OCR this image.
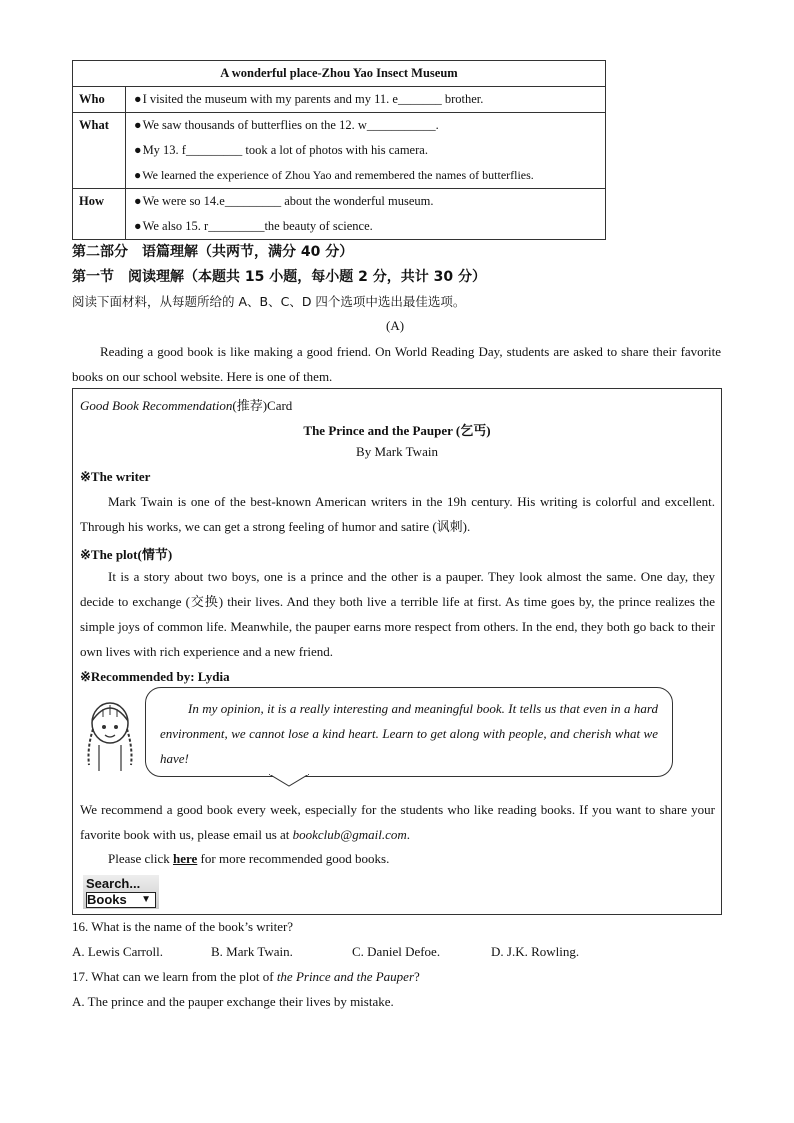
A wonderful place-Zhou Yao Insect Museum	
Who	● I visited the museum with my parents and my 11. e_______ brother.

What	● We saw thousands of butterflies on the 12. w___________.
● My 13. f_________ took a lot of photos with his camera.
● We learned the experience of Zhou Yao and remembered the names of butterflies.

How	● We were so 14.e_________ about the wonderful museum.
● We also 15. r_________the beauty of science.
第二部分　语篇理解（共两节，满分 40 分）
第一节　阅读理解（本题共 15 小题，每小题 2 分，共计 30 分）
阅读下面材料，从每题所给的 A、B、C、D 四个选项中选出最佳选项。
(A)
Reading a good book is like making a good friend. On World Reading Day, students are asked to share their favorite books on our school website. Here is one of them.
Good Book Recommendation(推荐)Card
The Prince and the Pauper (乞丐)
By Mark Twain
※The writer
Mark Twain is one of the best-known American writers in the 19h century. His writing is colorful and excellent. Through his works, we can get a strong feeling of humor and satire (讽刺).
※The plot(情节)
It is a story about two boys, one is a prince and the other is a pauper. They look almost the same. One day, they decide to exchange (交换) their lives. And they both live a terrible life at first. As time goes by, the prince realizes the simple joys of common life. Meanwhile, the pauper earns more respect from others. In the end, they both go back to their own lives with rich experience and a new friend.
※Recommended by: Lydia
In my opinion, it is a really interesting and meaningful book. It tells us that even in a hard environment, we cannot lose a kind heart. Learn to get along with people, and cherish what we have!
We recommend a good book every week, especially for the students who like reading books. If you want to share your favorite book with us, please email us at bookclub@gmail.com.
Please click here for more recommended good books.
Search...
Books ▼
16. What is the name of the book’s writer?
A. Lewis Carroll.	B. Mark Twain.	C. Daniel Defoe.	D. J.K. Rowling.
17. What can we learn from the plot of the Prince and the Pauper?
A. The prince and the pauper exchange their lives by mistake.
